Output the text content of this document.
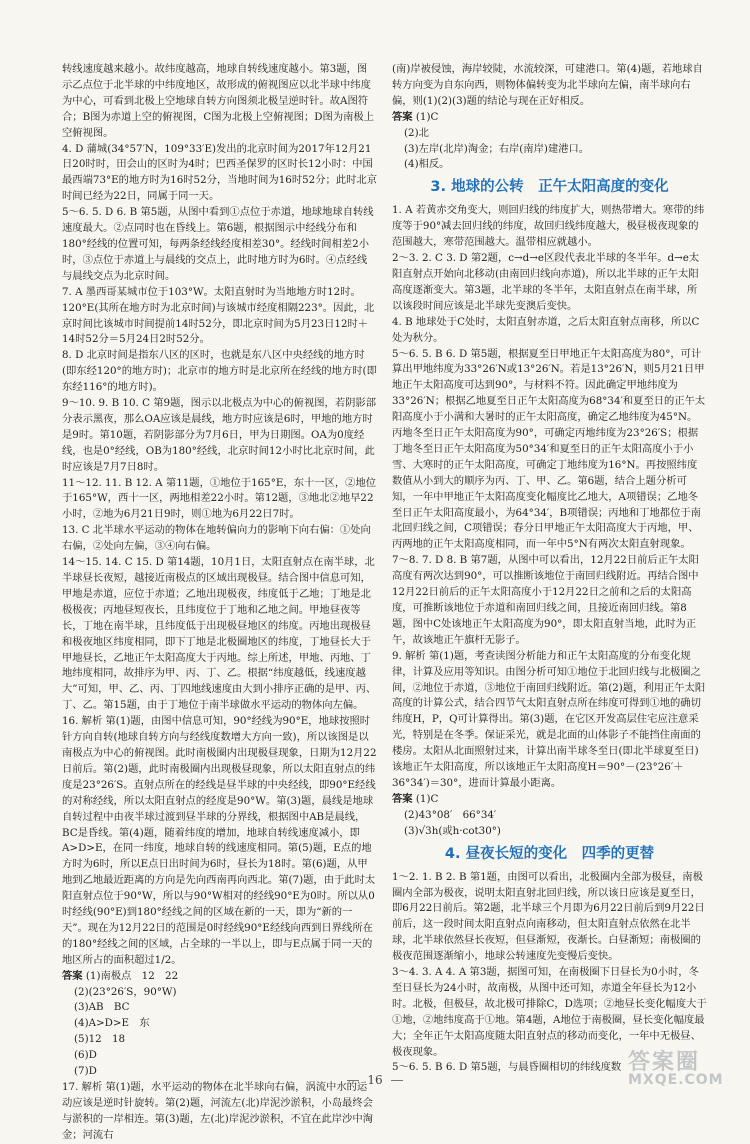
转线速度越来越小。故纬度越高，地球自转线速度越小。第3题，图示乙点位于北半球的中纬度地区，故形成的俯视图应以北半球中纬度为中心，可看到北极上空地球自转方向图须北极呈逆时针。故A图符合；B图为赤道上空的俯视图，C图为北极上空俯视图；D图为南极上空俯视图。

4. D 蒲城(34°57′N，109°33′E)发出的北京时间为2017年12月21日20时时，田会山的区时为4时；巴西圣保罗的区时长12小时：中国最西端73°E的地方时为16时52分，当地时间为16时52分；此时北京时间已经为22日，同属于同一天。

5～6. 5. D 6. B 第5题，从图中看到①点位于赤道，地球地球自转线速度最大。②点同时也在昏线上。第6题，根据图示中经线分布和180°经线的位置可知，每两条经线经度相差30°。经线时间相差2小时，③点位于赤道上与晨线的交点上，此时地方时为6时。④点经线与晨线交点为北京时间。

7. A 墨西哥某城市位于103°W。太阳直射时为当地地方时12时。120°E(其所在地方时为北京时间)与该城市经度相隔223°。因此，北京时间比该城市时间提前14时52分，即北京时间为5月23日12时＋14时52分＝5月24日2时52分。

8. D 北京时间是指东八区的区时，也就是东八区中央经线的地方时(即东经120°的地方时)；北京市的地方时是北京所在经线的地方时(即东经116°的地方时)。

9～10. 9. B 10. C 第9题，图示以北极点为中心的俯视图，若阴影部分表示黑夜，那么OA应该是晨线，地方时应该是6时，甲地的地方时是9时。第10题，若阴影部分为7月6日，甲为日期图。OA为0度经线，也是0°经线，OB为180°经线，北京时间12小时比北京时间，此时应该是7月7日8时。

11～12. 11. B 12. A 第11题，①地位于165°E，东十一区，②地位于165°W，西十一区，两地相差22小时。第12题，③地北②地早22小时，②地为6月21日9时，则①地为6月22日7时。

13. C 北半球水平运动的物体在地转偏向力的影响下向右偏：①处向右偏，②处向左偏，③④向右偏。

14～15. 14. C 15. D 第14题，10月1日，太阳直射点在南半球，北半球昼长夜短，越接近南极点的区域出现极昼。结合图中信息可知，甲地是赤道，应位于赤道；乙地出现极夜，纬度低于乙地；丁地是北极极夜；丙地昼短夜长，且纬度位于丁地和乙地之间。甲地昼夜等长，丁地在南半球，且纬度低于出现极昼地区的纬度。丙地出现极昼和极夜地区纬度相同，即下丁地是北极圈地区的纬度，丁地昼长大于甲地昼长，乙地正午太阳高度大于丙地。综上所述，甲地、丙地、丁地纬度相同，故排序为甲、丙、丁、乙。根据“纬度越低，线速度越大”可知，甲、乙、丙、丁四地线速度由大到小排序正确的是甲、丙、丁、乙。第15题，由于丁地位于南半球做水平运动的物体向左偏。

16. 解析 第(1)题，由图中信息可知，90°经线为90°E，地球按照时针方向自转(地球自转方向与经线度数增大方向一致)，所以该图是以南极点为中心的俯视图。此时南极圈内出现极昼现象，日期为12月22日前后。第(2)题，此时南极圈内出现极昼现象，所以太阳直射点的纬度是23°26′S。直射点所在的经线是昼半球的中央经线，即90°E经线的对称经线，所以太阳直射点的经度是90°W。第(3)题，晨线是地球自转过程中由夜半球过渡到昼半球的分界线，根据图中AB是晨线，BC是昏线。第(4)题，随着纬度的增加，地球自转线速度减小，即A>D>E，在同一纬度，地球自转的线速度相同。第(5)题，E点的地方时为6时，所以E点日出时间为6时，昼长为18时。第(6)题，从甲地到乙地最近距离的方向是先向西南再向西北。第(7)题，由于此时太阳直射点位于90°W，所以与90°W相对的经线90°E为0时。所以从0时经线(90°E)到180°经线之间的区域在新的一天，即为“新的一天”。现在为12月22日的范围是0时经线90°E经线向西到日界线所在的180°经线之间的区域，占全球的一半以上，即与E点属于同一天的地区所占的面积超过1/2。

答案 (1)南极点　12　22

(2)(23°26′S，90°W)

(3)AB　BC

(4)A>D>E　东

(5)12　18

(6)D

(7)D

17. 解析 第(1)题，水平运动的物体在北半球向右偏，涡流中水的运动应该是逆时针旋转。第(2)题，河流左(北)岸泥沙淤积，小岛最终会与淤积的一岸相连。第(3)题，左(北)岸泥沙淤积，不宜在此岸沙中淘金；河流右

(南)岸被侵蚀，海岸较陡，水流较深，可建港口。第(4)题，若地球自转方向变为自东向西，则物体偏转变为北半球向左偏，南半球向右偏，则(1)(2)(3)题的结论与现在正好相反。

答案 (1)C

(2)北

(3)左岸(北岸)淘金；右岸(南岸)建港口。

(4)相反。

3. 地球的公转　正午太阳高度的变化

1. A 若黄赤交角变大，则回归线的纬度扩大，则热带增大。寒带的纬度等于90°减去回归线的纬度，故回归线纬度越大，极昼极夜现象的范围越大，寒带范围越大。温带相应就越小。

2～3. 2. C 3. D 第2题，c→d→e区段代表北半球的冬半年。d→e太阳直射点开始向北移动(由南回归线向赤道)，所以北半球的正午太阳高度逐渐变大。第3题，北半球的冬半年，太阳直射点在南半球，所以该段时间应该是北半球先变澳后变快。

4. B 地球处于C处时，太阳直射赤道，之后太阳直射点南移，所以C处为秋分。

5～6. 5. B 6. D 第5题，根据夏至日甲地正午太阳高度为80°，可计算出甲地纬度为33°26′N或13°26′N。若是13°26′N，则5月21日甲地正午太阳高度可达到90°，与材料不符。因此确定甲地纬度为33°26′N；根据乙地夏至日正午太阳高度为68°34′和夏至日的正午太阳高度小于小满和大暑时的正午太阳高度，确定乙地纬度为45°N。丙地冬至日正午太阳高度为90°，可确定丙地纬度为23°26′S；根据丁地冬至日正午太阳高度为50°34′和夏至日的正午太阳高度小于小雪、大寒时的正午太阳高度，可确定丁地纬度为16°N。再按照纬度数值从小到大的顺序为丙、丁、甲、乙。第6题，结合上题分析可知，一年中甲地正午太阳高度变化幅度比乙地大，A项错误；乙地冬至日正午太阳高度最小，为64°34′，B项错误；丙地和丁地都位于南北回归线之间，C项错误；春分日甲地正午太阳高度大于丙地，甲、丙两地的正午太阳高度相同，而一年中5°N有两次太阳直射现象。

7～8. 7. D 8. B 第7题，从图中可以看出，12月22日前后正午太阳高度有两次达到90°，可以推断该地位于南回归线附近。再结合图中12月22日前后的正午太阳高度小于12月22日之前和之后的太阳高度，可推断该地位于赤道和南回归线之间，且接近南回归线。第8题，图中C处该地正午太阳高度为90°，即太阳直射当地，此时为正午，故该地正午旗杆无影子。

9. 解析 第(1)题，考查读图分析能力和正午太阳高度的分布变化规律，计算及应用等知识。由图分析可知①地位于北回归线与北极圈之间，②地位于赤道，③地位于南回归线附近。第(2)题，利用正午太阳高度的计算公式，结合四节气太阳直射点所在纬度可得到①地的确切纬度H，P，Q可计算得出。第(3)题，在它区开发高层住宅应注意采光，特别是在冬季。保证采光，就是北面的山体影子不能挡住南面的楼房。太阳从北面照射过来，计算出南半球冬至日(即北半球夏至日)该地正午太阳高度，所以该地正午太阳高度H＝90°－(23°26′＋36°34′)＝30°，进而计算最小距离。

答案 (1)C

(2)43°08′　66°34′

(3)√3h(或h·cot30°)

4. 昼夜长短的变化　四季的更替

1～2. 1. B 2. B 第1题，由图可以看出，北极圈内全部为极昼，南极圈内全部为极夜，说明太阳直射北回归线，所以该日应该是夏至日，即6月22日前后。第2题，北半球三个月即为6月22日前后到9月22日前后，这一段时间太阳直射点向南移动，但太阳直射点依然在北半球，北半球依然昼长夜短，但昼渐短，夜渐长。白昼渐短；南极圈的极夜范围逐渐缩小，地球公转速度先变慢后变快。

3～4. 3. A 4. A 第3题，据图可知，在南极圈下日昼长为0小时，冬至日昼长为24小时，故南极，从图中还可知，赤道全年昼长为12小时。北极，但极昼，故北极可排除C，D选项；②地昼长变化幅度大于①地，②地纬度高于①地。第4题，A地位于南极圈，昼长变化幅度最大；全年正午太阳高度随太阳直射点的移动而变化，一年中无极昼、极夜现象。

5～6. 5. B 6. D 第5题，与晨昏圈相切的纬线度数

16
答案圈
MXQE.COM
